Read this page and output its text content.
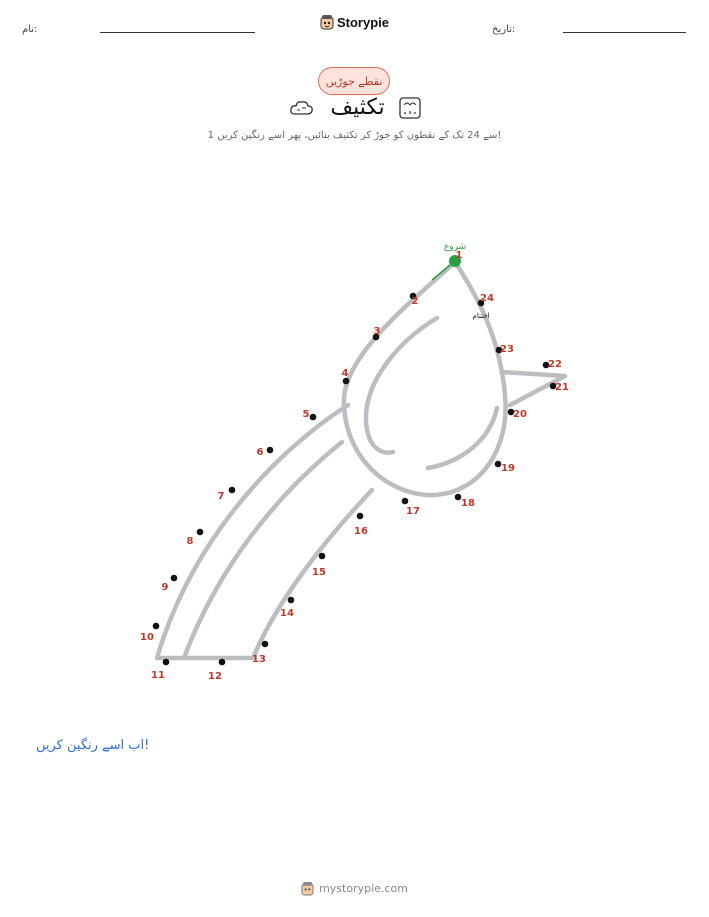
نام:	تاریخ:
Storypie
نقطے جوڑیں
تکثیف
1 سے 24 تک کے نقطوں کو جوڑ کر تکثیف بنائیں، پھر اسے رنگین کریں!
شروع
اختتام
1
2
3
4
5
6
7
8
9
10
11	12
13
14
15
16
17
18
19
20
21
22
23
24
اب اسے رنگین کریں!
mystorypie.com
